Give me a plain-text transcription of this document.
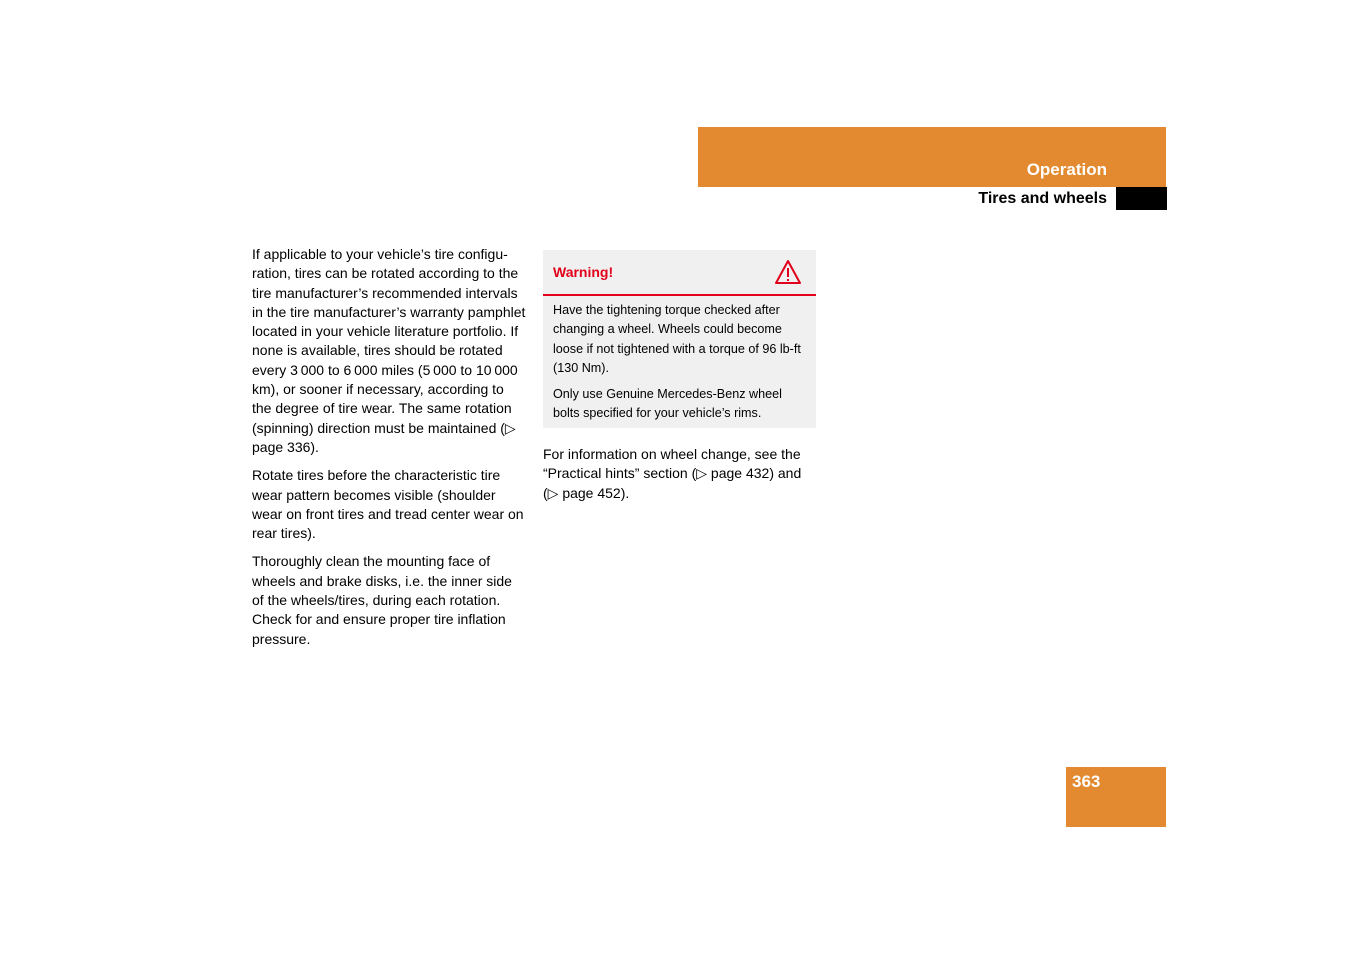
Operation
Tires and wheels

If applicable to your vehicle’s tire configuration, tires can be rotated according to the tire manufacturer’s recommended intervals in the tire manufacturer’s warranty pamphlet located in your vehicle literature portfolio. If none is available, tires should be rotated every 3 000 to 6 000 miles (5 000 to 10 000 km), or sooner if necessary, according to the degree of tire wear. The same rotation (spinning) direction must be maintained (▷ page 336).

Rotate tires before the characteristic tire wear pattern becomes visible (shoulder wear on front tires and tread center wear on rear tires).

Thoroughly clean the mounting face of wheels and brake disks, i.e. the inner side of the wheels/tires, during each rotation. Check for and ensure proper tire inflation pressure.

Warning!

Have the tightening torque checked after changing a wheel. Wheels could become loose if not tightened with a torque of 96 lb-ft (130 Nm).

Only use Genuine Mercedes-Benz wheel bolts specified for your vehicle’s rims.

For information on wheel change, see the “Practical hints” section (▷ page 432) and (▷ page 452).

363
